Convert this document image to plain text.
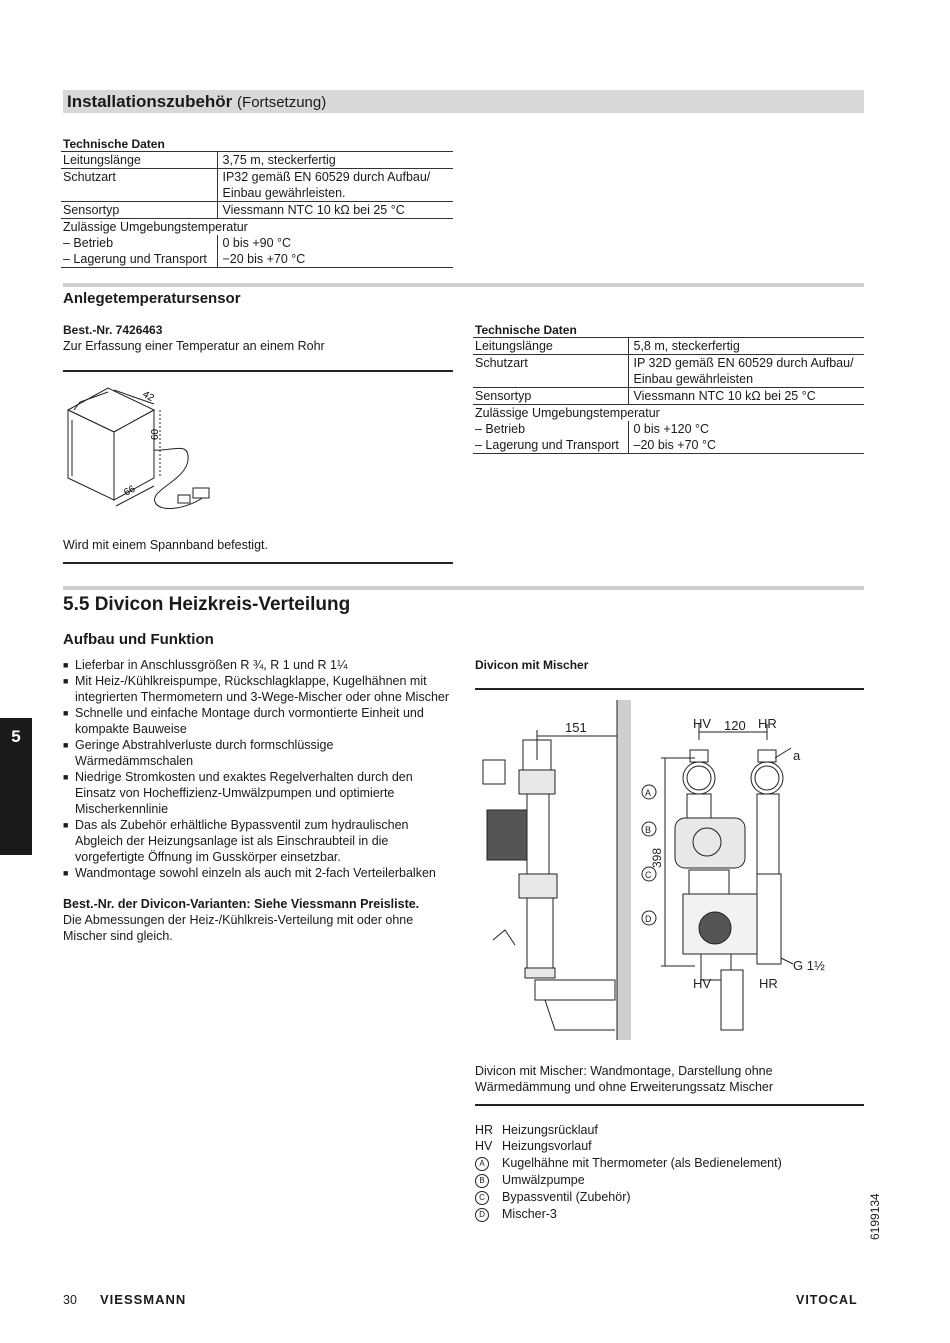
Installationszubehör (Fortsetzung)
Technische Daten
Leitungslänge	3,75 m, steckerfertig
Schutzart	IP32 gemäß EN 60529 durch Aufbau/
Einbau gewährleisten.
Sensortyp	Viessmann NTC 10 kΩ bei 25 °C
Zulässige Umgebungstemperatur	
– Betrieb	0 bis +90 °C
– Lagerung und Transport	−20 bis +70 °C
Anlegetemperatursensor
Best.-Nr. 7426463
Zur Erfassung einer Temperatur an einem Rohr
42
60
66
Wird mit einem Spannband befestigt.
Technische Daten
Leitungslänge	5,8 m, steckerfertig
Schutzart	IP 32D gemäß EN 60529 durch Aufbau/
Einbau gewährleisten
Sensortyp	Viessmann NTC 10 kΩ bei 25 °C
Zulässige Umgebungstemperatur	
– Betrieb	0 bis +120 °C
– Lagerung und Transport	–20 bis +70 °C
5.5 Divicon Heizkreis-Verteilung
Aufbau und Funktion
5
■ Lieferbar in Anschlussgrößen R ¾, R 1 und R 1¼
■ Mit Heiz-/Kühlkreispumpe, Rückschlagklappe, Kugelhähnen mit integrierten Thermometern und 3-Wege-Mischer oder ohne Mischer
■ Schnelle und einfache Montage durch vormontierte Einheit und kompakte Bauweise
■ Geringe Abstrahlverluste durch formschlüssige Wärmedämmschalen
■ Niedrige Stromkosten und exaktes Regelverhalten durch den Einsatz von Hocheffizienz-Umwälzpumpen und optimierte Mischerkennlinie
■ Das als Zubehör erhältliche Bypassventil zum hydraulischen Abgleich der Heizungsanlage ist als Einschraubteil in die vorgefertigte Öffnung im Gusskörper einsetzbar.
■ Wandmontage sowohl einzeln als auch mit 2-fach Verteilerbalken
Best.-Nr. der Divicon-Varianten: Siehe Viessmann Preisliste.
Die Abmessungen der Heiz-/Kühlkreis-Verteilung mit oder ohne Mischer sind gleich.
Divicon mit Mischer
151	HV 120 HR
a
398
G 1½
HV	HR
A
B
C
D
Divicon mit Mischer: Wandmontage, Darstellung ohne Wärmedämmung und ohne Erweiterungssatz Mischer
HR Heizungsrücklauf
HV Heizungsvorlauf
A	Kugelhähne mit Thermometer (als Bedienelement)
B	Umwälzpumpe
C	Bypassventil (Zubehör)
D	Mischer-3	6199134
30 VIESSMANN	VITOCAL
